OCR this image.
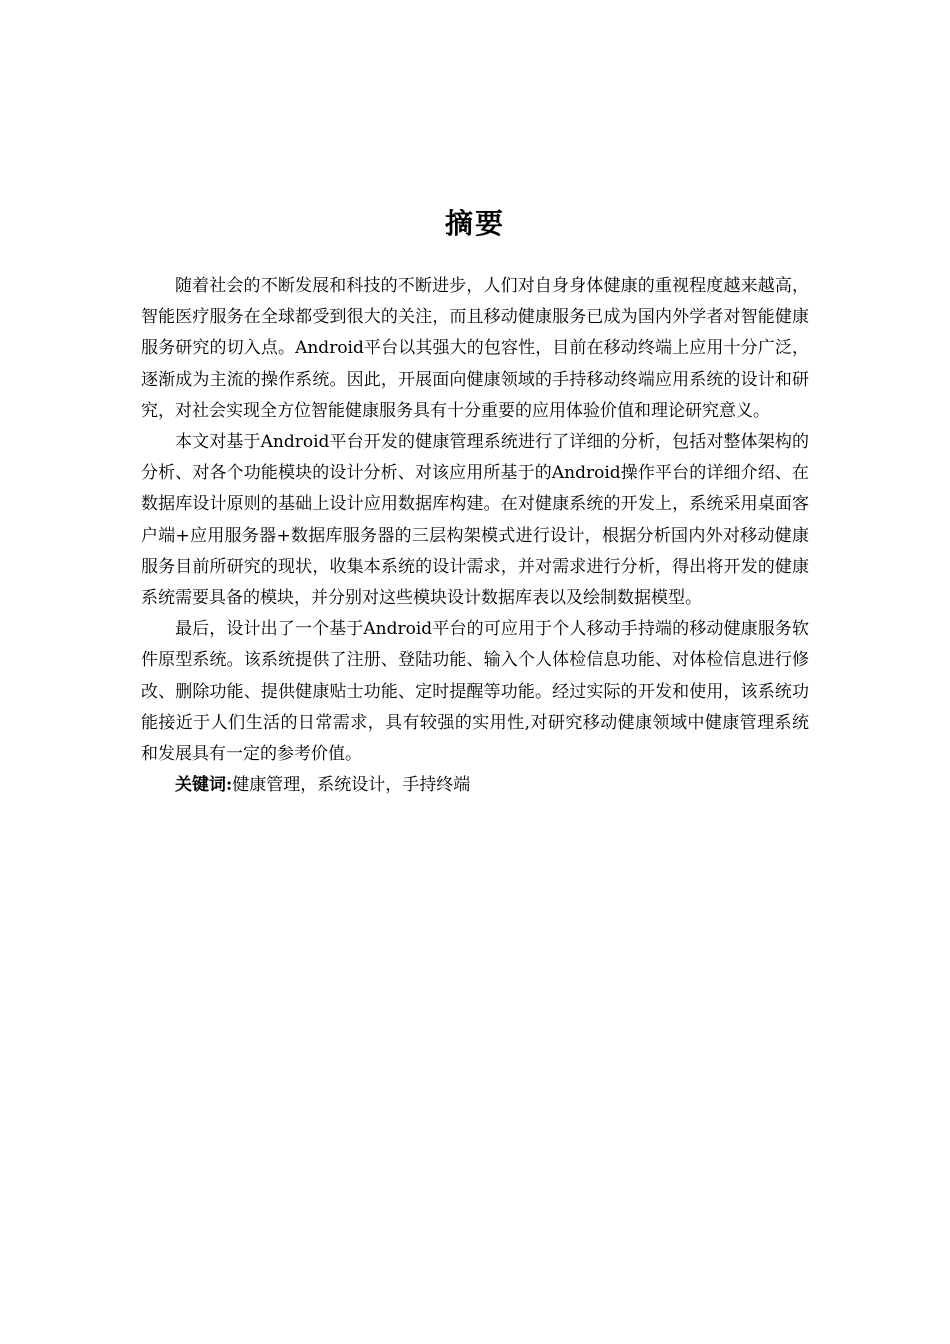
摘要

随着社会的不断发展和科技的不断进步，人们对自身身体健康的重视程度越来越高，智能医疗服务在全球都受到很大的关注，而且移动健康服务已成为国内外学者对智能健康服务研究的切入点。Android平台以其强大的包容性，目前在移动终端上应用十分广泛，逐渐成为主流的操作系统。因此，开展面向健康领域的手持移动终端应用系统的设计和研究，对社会实现全方位智能健康服务具有十分重要的应用体验价值和理论研究意义。

本文对基于Android平台开发的健康管理系统进行了详细的分析，包括对整体架构的分析、对各个功能模块的设计分析、对该应用所基于的Android操作平台的详细介绍、在数据库设计原则的基础上设计应用数据库构建。在对健康系统的开发上，系统采用桌面客户端+应用服务器+数据库服务器的三层构架模式进行设计，根据分析国内外对移动健康服务目前所研究的现状，收集本系统的设计需求，并对需求进行分析，得出将开发的健康系统需要具备的模块，并分别对这些模块设计数据库表以及绘制数据模型。

最后，设计出了一个基于Android平台的可应用于个人移动手持端的移动健康服务软件原型系统。该系统提供了注册、登陆功能、输入个人体检信息功能、对体检信息进行修改、删除功能、提供健康贴士功能、定时提醒等功能。经过实际的开发和使用，该系统功能接近于人们生活的日常需求，具有较强的实用性,对研究移动健康领域中健康管理系统和发展具有一定的参考价值。

关键词:健康管理，系统设计，手持终端
